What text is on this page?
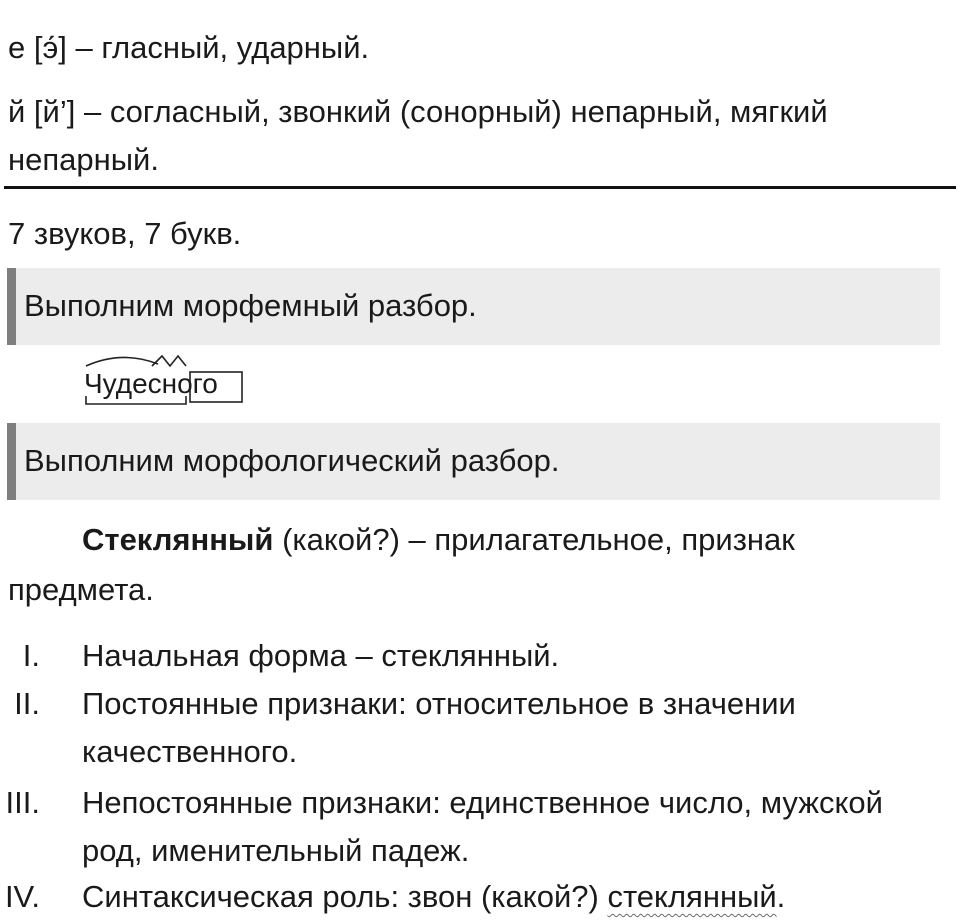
е [э́] – гласный, ударный.
й [й’] – согласный, звонкий (сонорный) непарный, мягкий
непарный.
7 звуков, 7 букв.
Выполним морфемный разбор.
Чудесного
Выполним морфологический разбор.
Стеклянный (какой?) – прилагательное, признак
предмета.
I. Начальная форма – стеклянный.
II. Постоянные признаки: относительное в значении
качественного.
III. Непостоянные признаки: единственное число, мужской
род, именительный падеж.
IV. Синтаксическая роль: звон (какой?) стеклянный.
